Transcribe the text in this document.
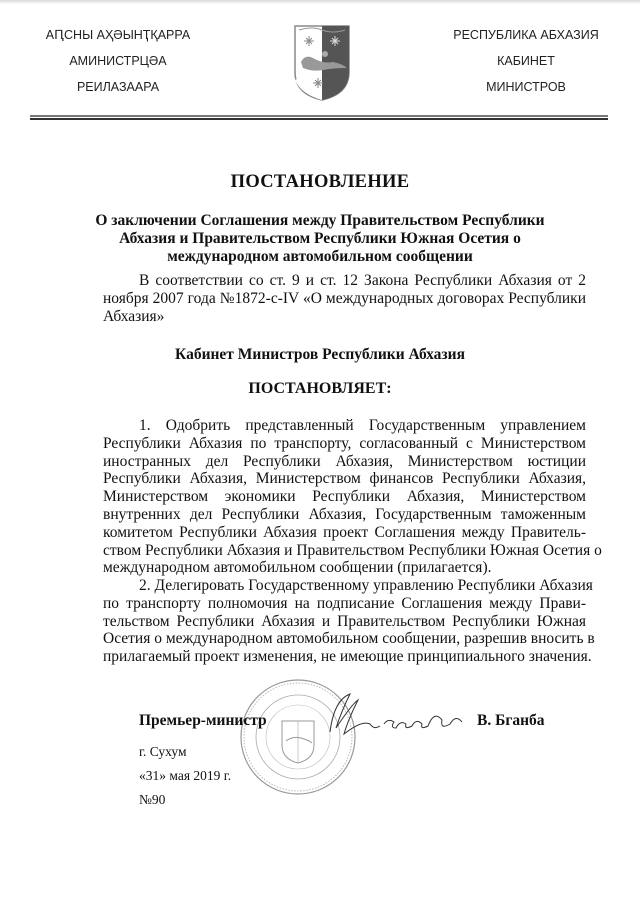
АԤСНЫ АҲӘЫНҬҚАРРА
АМИНИСТРЦӘА
РЕИЛАЗААРА
РЕСПУБЛИКА АБХАЗИЯ
КАБИНЕТ
МИНИСТРОВ
ПОСТАНОВЛЕНИЕ
О заключении Соглашения между Правительством Республики
Абхазия и Правительством Республики Южная Осетия о
международном автомобильном сообщении
В соответствии со ст. 9 и ст. 12 Закона Республики Абхазия от 2
ноября 2007 года №1872-с-IV «О международных договорах Республики
Абхазия»
Кабинет Министров Республики Абхазия
ПОСТАНОВЛЯЕТ:
1. Одобрить представленный Государственным управлением
Республики Абхазия по транспорту, согласованный с Министерством
иностранных дел Республики Абхазия, Министерством юстиции
Республики Абхазия, Министерством финансов Республики Абхазия,
Министерством экономики Республики Абхазия, Министерством
внутренних дел Республики Абхазия, Государственным таможенным
комитетом Республики Абхазия проект Соглашения между Правитель-
ством Республики Абхазия и Правительством Республики Южная Осетия о
международном автомобильном сообщении (прилагается).
2. Делегировать Государственному управлению Республики Абхазия
по транспорту полномочия на подписание Соглашения между Прави-
тельством Республики Абхазия и Правительством Республики Южная
Осетия о международном автомобильном сообщении, разрешив вносить в
прилагаемый проект изменения, не имеющие принципиального значения.
Премьер-министр	В. Бганба
г. Сухум
«31» мая 2019 г.
№90
